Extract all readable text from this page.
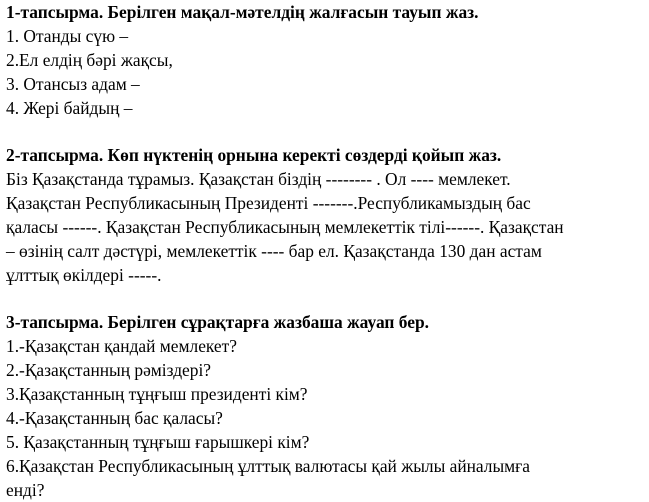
1-тапсырма. Берілген мақал-мәтелдің жалғасын тауып жаз.
1. Отанды сүю –
2.Ел елдің бәрі жақсы,
3. Отансыз адам –
4. Жері байдың –
2-тапсырма. Көп нүктенің орнына керекті сөздерді қойып жаз.
Біз Қазақстанда тұрамыз. Қазақстан біздің -------- . Ол ---- мемлекет.
Қазақстан Республикасының Президенті -------.Республикамыздың бас
қаласы ------. Қазақстан Республикасының мемлекеттік тілі------. Қазақстан
– өзінің салт дәстүрі, мемлекеттік ---- бар ел. Қазақстанда 130 дан астам
ұлттық өкілдері -----.
3-тапсырма. Берілген сұрақтарға жазбаша жауап бер.
1.-Қазақстан қандай мемлекет?
2.-Қазақстанның рәміздері?
3.Қазақстанның тұңғыш президенті кім?
4.-Қазақстанның бас қаласы?
5. Қазақстанның тұңғыш ғарышкері кім?
6.Қазақстан Республикасының ұлттық валютасы қай жылы айналымға
енді?
